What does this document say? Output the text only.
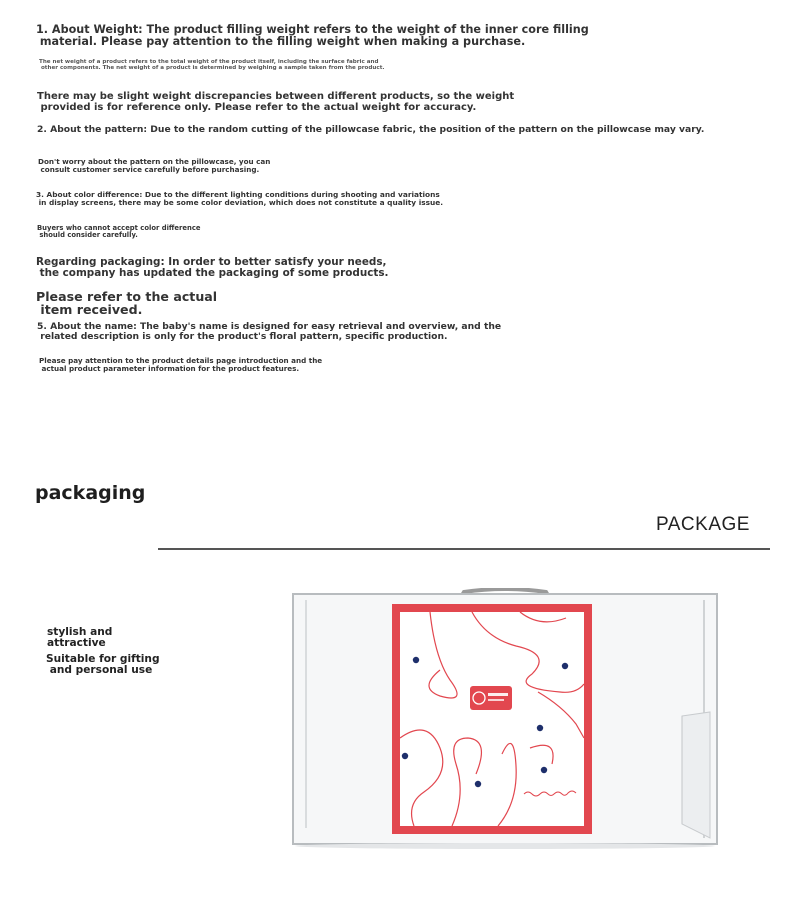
1. About Weight: The product filling weight refers to the weight of the inner core filling
material. Please pay attention to the filling weight when making a purchase.
The net weight of a product refers to the total weight of the product itself, including the surface fabric and
other components. The net weight of a product is determined by weighing a sample taken from the product.
There may be slight weight discrepancies between different products, so the weight
provided is for reference only. Please refer to the actual weight for accuracy.
2. About the pattern: Due to the random cutting of the pillowcase fabric, the position of the pattern on the pillowcase may vary.
Don't worry about the pattern on the pillowcase, you can
consult customer service carefully before purchasing.
3. About color difference: Due to the different lighting conditions during shooting and variations
in display screens, there may be some color deviation, which does not constitute a quality issue.
Buyers who cannot accept color difference
should consider carefully.
Regarding packaging: In order to better satisfy your needs,
the company has updated the packaging of some products.
Please refer to the actual
item received.
5. About the name: The baby's name is designed for easy retrieval and overview, and the
related description is only for the product's floral pattern, specific production.
Please pay attention to the product details page introduction and the
actual product parameter information for the product features.
packaging
PACKAGE
stylish and
attractive
Suitable for gifting
and personal use
